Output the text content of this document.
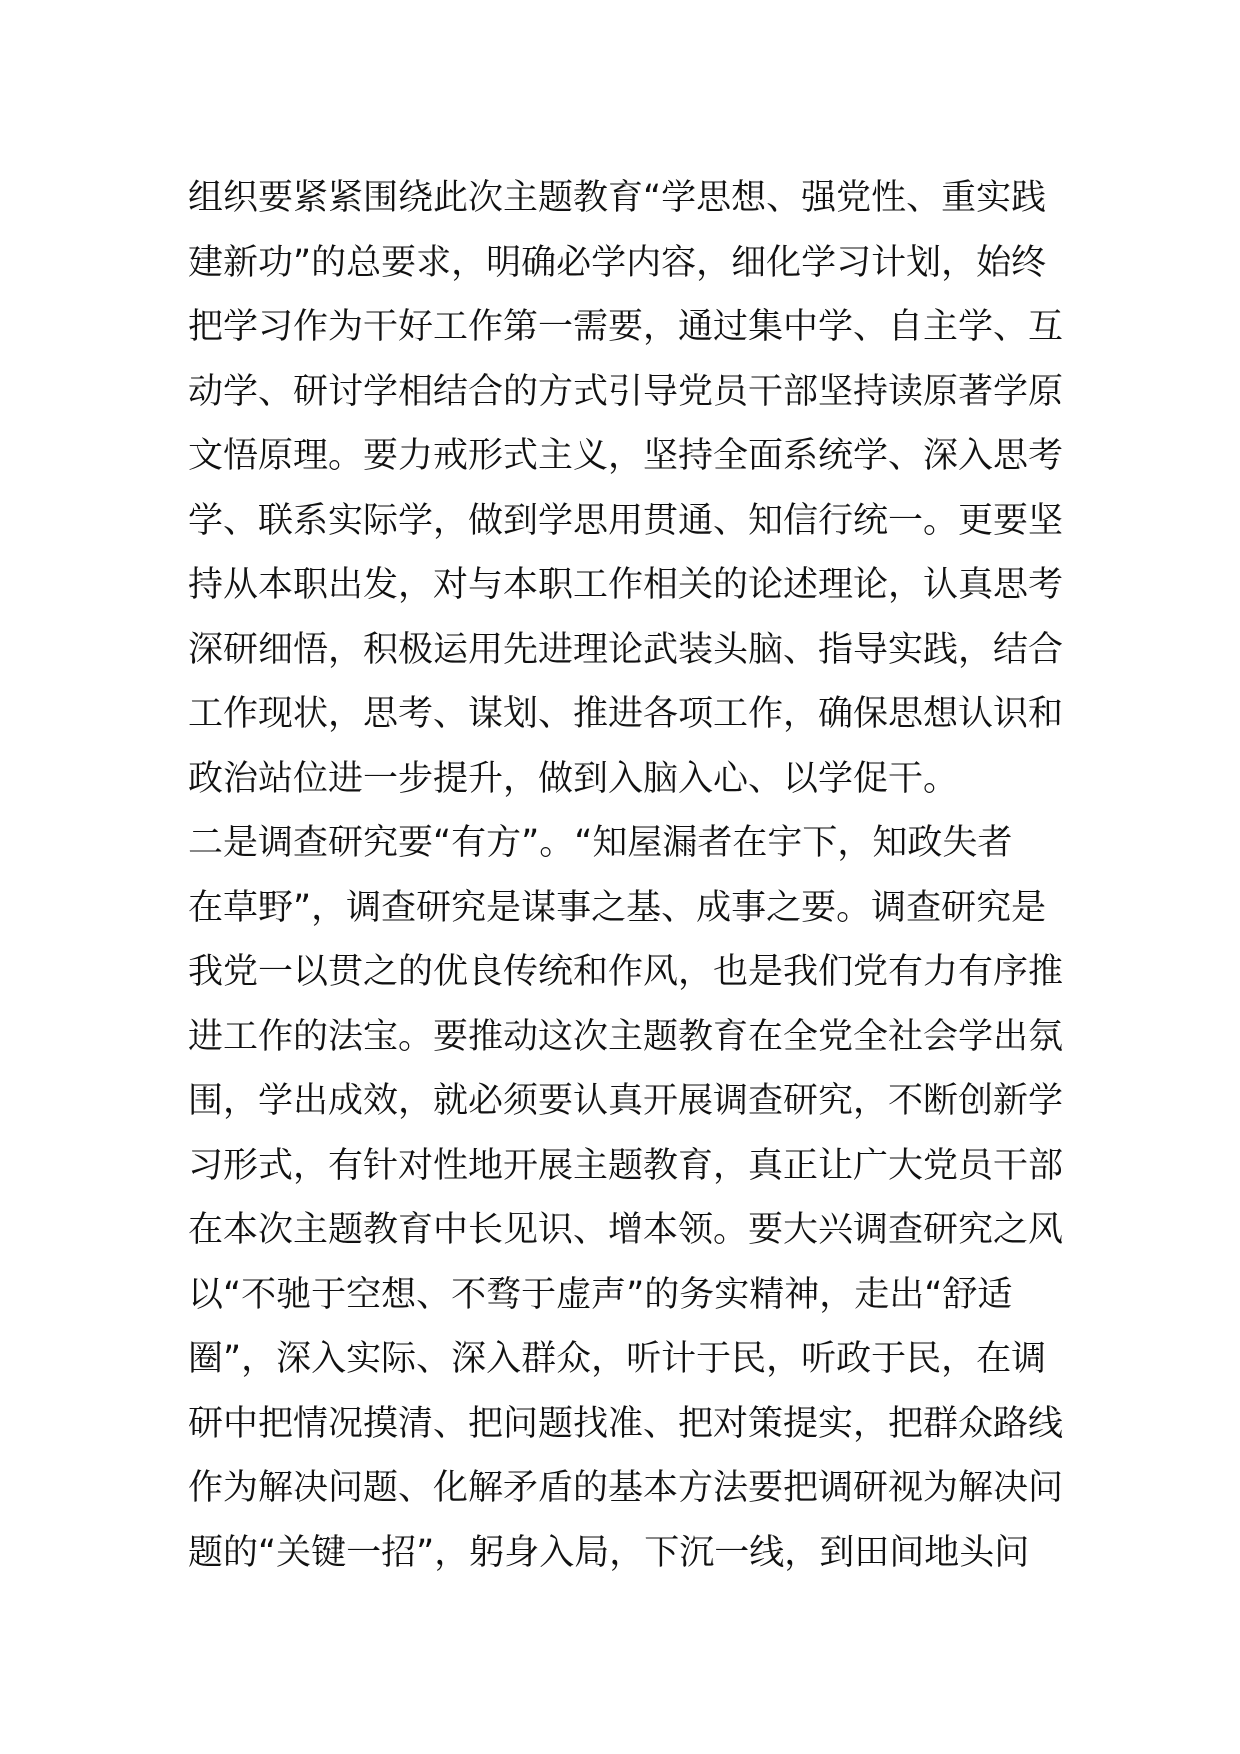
组织要紧紧围绕此次主题教育“学思想、强党性、重实践
建新功”的总要求，明确必学内容，细化学习计划，始终
把学习作为干好工作第一需要，通过集中学、自主学、互
动学、研讨学相结合的方式引导党员干部坚持读原著学原
文悟原理。要力戒形式主义，坚持全面系统学、深入思考
学、联系实际学，做到学思用贯通、知信行统一。更要坚
持从本职出发，对与本职工作相关的论述理论，认真思考
深研细悟，积极运用先进理论武装头脑、指导实践，结合
工作现状，思考、谋划、推进各项工作，确保思想认识和
政治站位进一步提升，做到入脑入心、以学促干。
二是调查研究要“有方”。“知屋漏者在宇下，知政失者
在草野”，调查研究是谋事之基、成事之要。调查研究是
我党一以贯之的优良传统和作风，也是我们党有力有序推
进工作的法宝。要推动这次主题教育在全党全社会学出氛
围，学出成效，就必须要认真开展调查研究，不断创新学
习形式，有针对性地开展主题教育，真正让广大党员干部
在本次主题教育中长见识、增本领。要大兴调查研究之风
以“不驰于空想、不骛于虚声”的务实精神，走出“舒适
圈”，深入实际、深入群众，听计于民，听政于民，在调
研中把情况摸清、把问题找准、把对策提实，把群众路线
作为解决问题、化解矛盾的基本方法要把调研视为解决问
题的“关键一招”，躬身入局，下沉一线，到田间地头问
